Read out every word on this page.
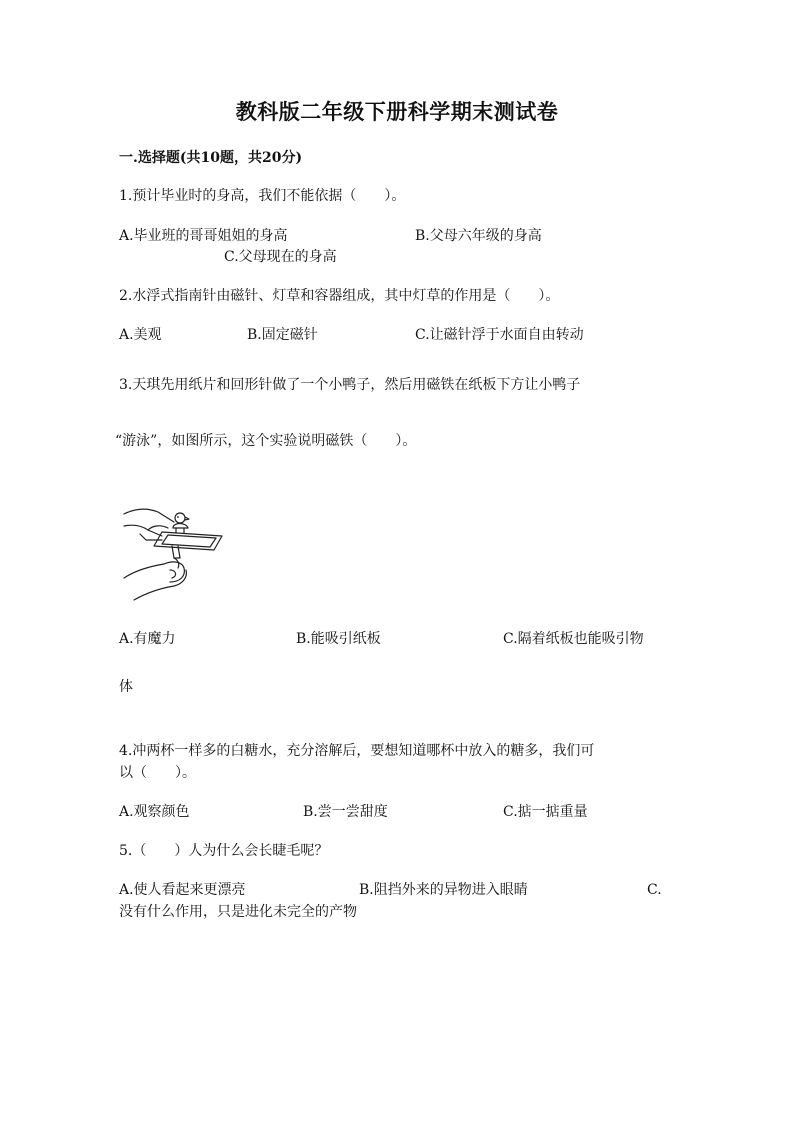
教科版二年级下册科学期末测试卷
一.选择题(共10题，共20分)
1.预计毕业时的身高，我们不能依据（　　）。
A.毕业班的哥哥姐姐的身高	B.父母六年级的身高
C.父母现在的身高
2.水浮式指南针由磁针、灯草和容器组成，其中灯草的作用是（　　）。
A.美观	B.固定磁针	C.让磁针浮于水面自由转动
3.天琪先用纸片和回形针做了一个小鸭子，然后用磁铁在纸板下方让小鸭子
“游泳”，如图所示，这个实验说明磁铁（　　）。
A.有魔力	B.能吸引纸板	C.隔着纸板也能吸引物
体
4.冲两杯一样多的白糖水，充分溶解后，要想知道哪杯中放入的糖多，我们可
以（　　）。
A.观察颜色	B.尝一尝甜度	C.掂一掂重量
5.（　　）人为什么会长睫毛呢？
A.使人看起来更漂亮	B.阻挡外来的异物进入眼睛	C.
没有什么作用，只是进化未完全的产物
